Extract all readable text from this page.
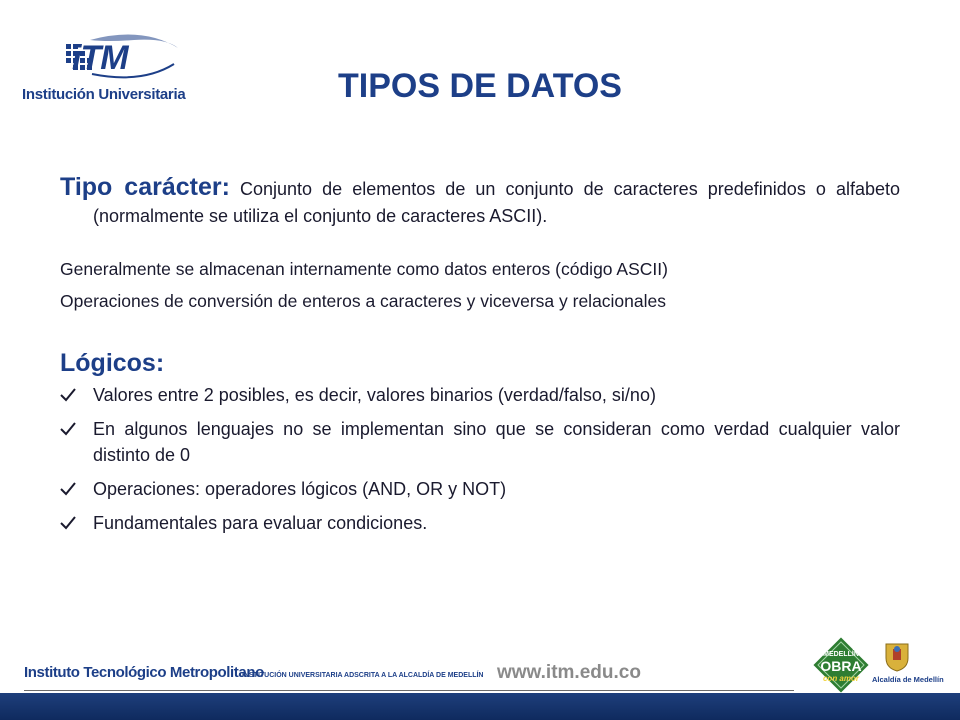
iTM
Institución Universitaria	TIPOS DE DATOS
Tipo carácter: Conjunto de elementos de un conjunto de caracteres predefinidos o alfabeto (normalmente se utiliza el conjunto de caracteres ASCII).

Generalmente se almacenan internamente como datos enteros (código ASCII)

Operaciones de conversión de enteros a caracteres y viceversa y relacionales

Lógicos:
Valores entre 2 posibles, es decir, valores binarios (verdad/falso, si/no)
En algunos lenguajes no se implementan sino que se consideran como verdad cualquier valor distinto de 0
Operaciones: operadores lógicos (AND, OR y NOT)
Fundamentales para evaluar condiciones.
Instituto Tecnológico Metropolitano
INSTITUCIÓN UNIVERSITARIA ADSCRITA A LA ALCALDÍA DE MEDELLÍN www.itm.edu.co
MEDELLÍN
OBRA
con amor	Alcaldía de Medellín
